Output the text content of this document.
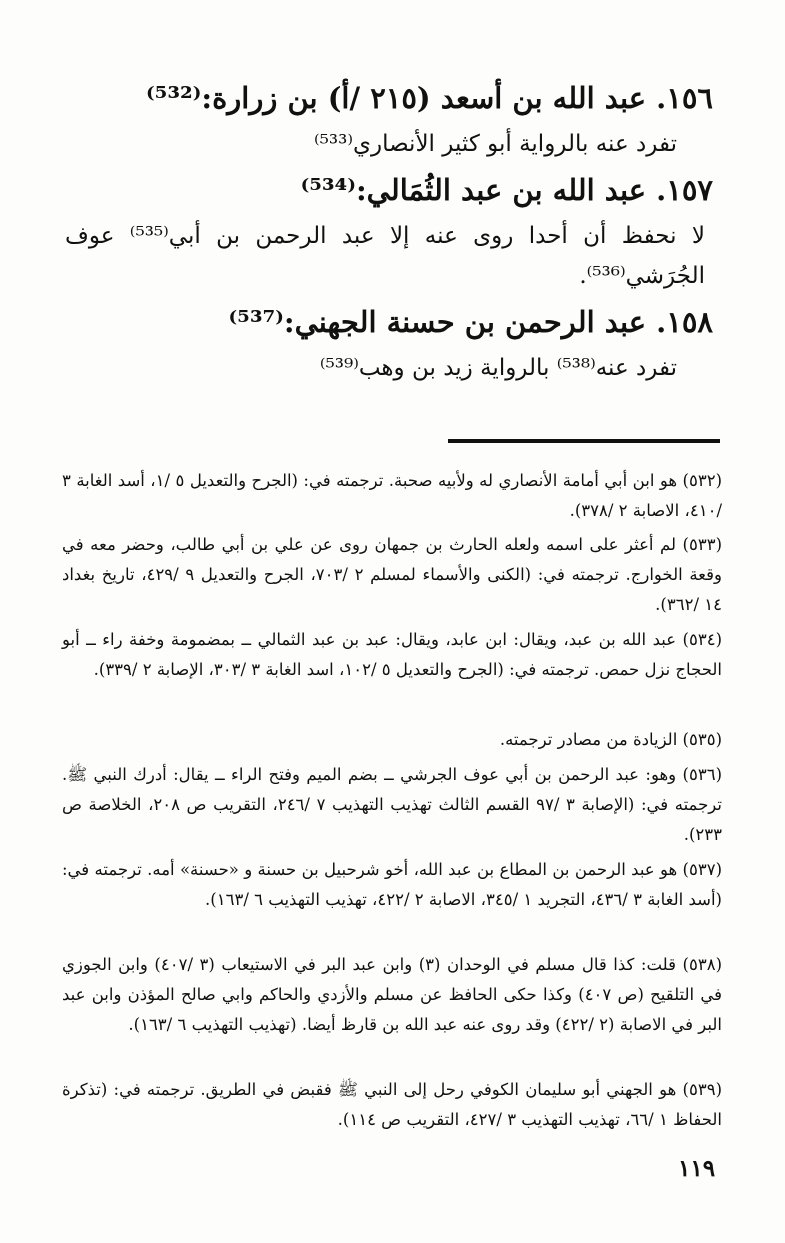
١٥٦. عبد الله بن أسعد (٢١٥ /أ) بن زرارة:⁽⁵³²⁾
تفرد عنه بالرواية أبو كثير الأنصاري⁽⁵³³⁾
١٥٧. عبد الله بن عبد الثُمَالي:⁽⁵³⁴⁾
لا نحفظ أن أحدا روى عنه إلا عبد الرحمن بن أبي⁽⁵³⁵⁾ عوف الجُرَشي⁽⁵³⁶⁾.
١٥٨. عبد الرحمن بن حسنة الجهني:⁽⁵³⁷⁾
تفرد عنه⁽⁵³⁸⁾ بالرواية زيد بن وهب⁽⁵³⁹⁾
(٥٣٢) هو ابن أبي أمامة الأنصاري له ولأبيه صحبة. ترجمته في: (الجرح والتعديل ٥ /١، أسد الغابة ٣ /٤١٠، الاصابة ٢ /٣٧٨).
(٥٣٣) لم أعثر على اسمه ولعله الحارث بن جمهان روى عن علي بن أبي طالب، وحضر معه في وقعة الخوارج. ترجمته في: (الكنى والأسماء لمسلم ٢ /٧٠٣، الجرح والتعديل ٩ /٤٢٩، تاريخ بغداد ١٤ /٣٦٢).
(٥٣٤) عبد الله بن عبد، ويقال: ابن عابد، ويقال: عبد بن عبد الثمالي ــ بمضمومة وخفة راء ــ أبو الحجاج نزل حمص. ترجمته في: (الجرح والتعديل ٥ /١٠٢، اسد الغابة ٣ /٣٠٣، الإصابة ٢ /٣٣٩).
(٥٣٥) الزيادة من مصادر ترجمته.
(٥٣٦) وهو: عبد الرحمن بن أبي عوف الجرشي ــ بضم الميم وفتح الراء ــ يقال: أدرك النبي ﷺ. ترجمته في: (الإصابة ٣ /٩٧ القسم الثالث تهذيب التهذيب ٧ /٢٤٦، التقريب ص ٢٠٨، الخلاصة ص ٢٣٣).
(٥٣٧) هو عبد الرحمن بن المطاع بن عبد الله، أخو شرحبيل بن حسنة و «حسنة» أمه. ترجمته في: (أسد الغابة ٣ /٤٣٦، التجريد ١ /٣٤٥، الاصابة ٢ /٤٢٢، تهذيب التهذيب ٦ /١٦٣).
(٥٣٨) قلت: كذا قال مسلم في الوحدان (٣) وابن عبد البر في الاستيعاب (٣ /٤٠٧) وابن الجوزي في التلقيح (ص ٤٠٧) وكذا حكى الحافظ عن مسلم والأزدي والحاكم وابي صالح المؤذن وابن عبد البر في الاصابة (٢ /٤٢٢) وقد روى عنه عبد الله بن قارظ أيضا. (تهذيب التهذيب ٦ /١٦٣).
(٥٣٩) هو الجهني أبو سليمان الكوفي رحل إلى النبي ﷺ فقبض في الطريق. ترجمته في: (تذكرة الحفاظ ١ /٦٦، تهذيب التهذيب ٣ /٤٢٧، التقريب ص ١١٤).
١١٩
